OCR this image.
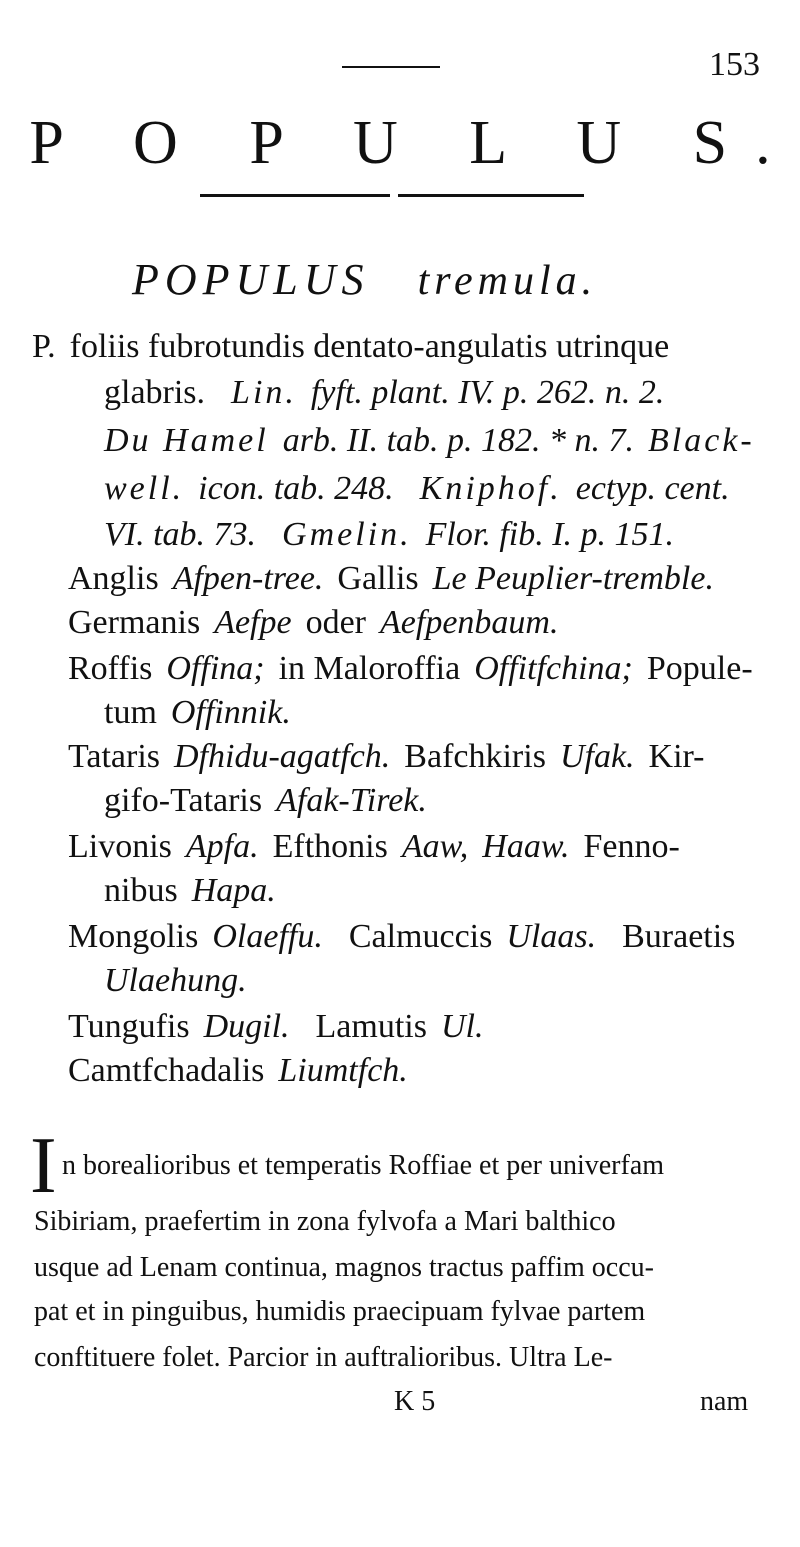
153
P O P U L U S.
POPULUS tremula.
P. foliis fubrotundis dentato-angulatis utrinque
glabris. Lin. fyft. plant. IV. p. 262. n. 2.
Du Hamel arb. II. tab. p. 182. * n. 7. Black-
well. icon. tab. 248. Kniphof. ectyp. cent.
VI. tab. 73. Gmelin. Flor. fib. I. p. 151.
Anglis Afpen-tree. Gallis Le Peuplier-tremble.
Germanis Aefpe oder Aefpenbaum.
Roffis Offina; in Maloroffia Offitfchina; Popule-
tum Offinnik.
Tataris Dfhidu-agatfch. Bafchkiris Ufak. Kir-
gifo-Tataris Afak-Tirek.
Livonis Apfa. Efthonis Aaw, Haaw. Fenno-
nibus Hapa.
Mongolis Olaeffu. Calmuccis Ulaas. Buraetis
Ulaehung.
Tungufis Dugil. Lamutis Ul.
Camtfchadalis Liumtfch.
I n borealioribus et temperatis Roffiae et per univerfam
Sibiriam, praefertim in zona fylvofa a Mari balthico
usque ad Lenam continua, magnos tractus paffim occu-
pat et in pinguibus, humidis praecipuam fylvae partem
conftituere folet. Parcior in auftralioribus. Ultra Le-
K 5	nam
